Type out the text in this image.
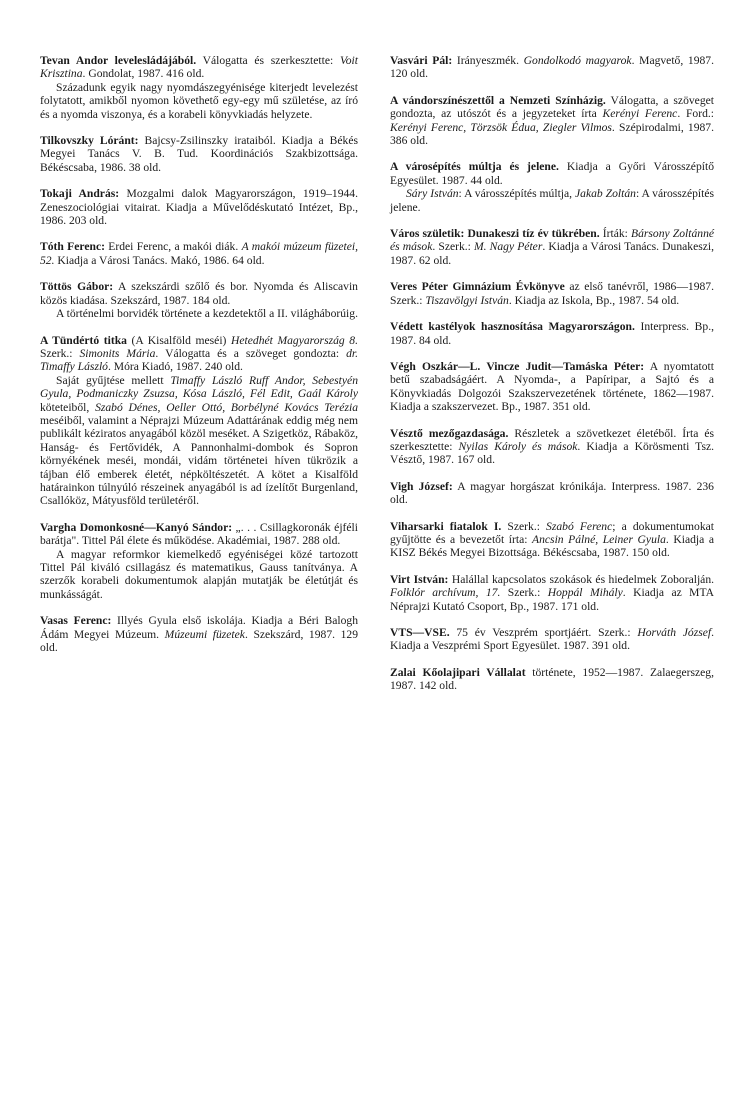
Tevan Andor levelesládájából. Válogatta és szerkesztette: Voit Krisztina. Gondolat, 1987. 416 old.

Századunk egyik nagy nyomdászegyénisége kiterjedt levelezést folytatott, amikből nyomon követhető egy-egy mű születése, az író és a nyomda viszonya, és a korabeli könyvkiadás helyzete.

Tilkovszky Lóránt: Bajcsy-Zsilinszky irataiból. Kiadja a Békés Megyei Tanács V. B. Tud. Koordinációs Szakbizottsága. Békéscsaba, 1986. 38 old.

Tokaji András: Mozgalmi dalok Magyarországon, 1919–1944. Zeneszociológiai vitairat. Kiadja a Művelődéskutató Intézet, Bp., 1986. 203 old.

Tóth Ferenc: Erdei Ferenc, a makói diák. A makói múzeum füzetei, 52. Kiadja a Városi Tanács. Makó, 1986. 64 old.

Töttös Gábor: A szekszárdi szőlő és bor. Nyomda és Aliscavin közös kiadása. Szekszárd, 1987. 184 old.

A történelmi borvidék története a kezdetektől a II. világháborúig.

A Tündértó titka (A Kisalföld meséi) Hetedhét Magyarország 8. Szerk.: Simonits Mária. Válogatta és a szöveget gondozta: dr. Timaffy László. Móra Kiadó, 1987. 240 old.

Saját gyűjtése mellett Timaffy László Ruff Andor, Sebestyén Gyula, Podmaniczky Zsuzsa, Kósa László, Fél Edit, Gaál Károly köteteiből, Szabó Dénes, Oeller Ottó, Borbélyné Kovács Terézia meséiből, valamint a Néprajzi Múzeum Adattárának eddig még nem publikált kéziratos anyagából közöl meséket. A Szigetköz, Rábaköz, Hanság- és Fertővidék, A Pannonhalmi-dombok és Sopron környékének meséi, mondái, vidám történetei híven tükrözik a tájban élő emberek életét, népköltészetét. A kötet a Kisalföld határainkon túlnyúló részeinek anyagából is ad ízelítőt Burgenland, Csallóköz, Mátyusföld területéről.

Vargha Domonkosné—Kanyó Sándor: „. . . Csillagkoronák éjféli barátja". Tittel Pál élete és működése. Akadémiai, 1987. 288 old.

A magyar reformkor kiemelkedő egyéniségei közé tartozott Tittel Pál kiváló csillagász és matematikus, Gauss tanítványa. A szerzők korabeli dokumentumok alapján mutatják be életútját és munkásságát.

Vasas Ferenc: Illyés Gyula első iskolája. Kiadja a Béri Balogh Ádám Megyei Múzeum. Múzeumi füzetek. Szekszárd, 1987. 129 old.

Vasvári Pál: Irányeszmék. Gondolkodó magyarok. Magvető, 1987. 120 old.

A vándorszínészettől a Nemzeti Színházig. Válogatta, a szöveget gondozta, az utószót és a jegyzeteket írta Kerényi Ferenc. Ford.: Kerényi Ferenc, Törzsök Édua, Ziegler Vilmos. Szépirodalmi, 1987. 386 old.

A városépítés múltja és jelene. Kiadja a Győri Városszépítő Egyesület. 1987. 44 old.

Sáry István: A városszépítés múltja, Jakab Zoltán: A városszépítés jelene.

Város születik: Dunakeszi tíz év tükrében. Írták: Bársony Zoltánné és mások. Szerk.: M. Nagy Péter. Kiadja a Városi Tanács. Dunakeszi, 1987. 62 old.

Veres Péter Gimnázium Évkönyve az első tanévről, 1986—1987. Szerk.: Tiszavölgyi István. Kiadja az Iskola, Bp., 1987. 54 old.

Védett kastélyok hasznosítása Magyarországon. Interpress. Bp., 1987. 84 old.

Végh Oszkár—L. Vincze Judit—Tamáska Péter: A nyomtatott betű szabadságáért. A Nyomda-, a Papíripar, a Sajtó és a Könyvkiadás Dolgozói Szakszervezetének története, 1862—1987. Kiadja a szakszervezet. Bp., 1987. 351 old.

Vésztő mezőgazdasága. Részletek a szövetkezet életéből. Írta és szerkesztette: Nyilas Károly és mások. Kiadja a Körösmenti Tsz. Vésztő, 1987. 167 old.

Vigh József: A magyar horgászat krónikája. Interpress. 1987. 236 old.

Viharsarki fiatalok I. Szerk.: Szabó Ferenc; a dokumentumokat gyűjtötte és a bevezetőt írta: Ancsin Pálné, Leiner Gyula. Kiadja a KISZ Békés Megyei Bizottsága. Békéscsaba, 1987. 150 old.

Virt István: Halállal kapcsolatos szokások és hiedelmek Zoboralján. Folklór archívum, 17. Szerk.: Hoppál Mihály. Kiadja az MTA Néprajzi Kutató Csoport, Bp., 1987. 171 old.

VTS—VSE. 75 év Veszprém sportjáért. Szerk.: Horváth József. Kiadja a Veszprémi Sport Egyesület. 1987. 391 old.

Zalai Kőolajipari Vállalat története, 1952—1987. Zalaegerszeg, 1987. 142 old.
